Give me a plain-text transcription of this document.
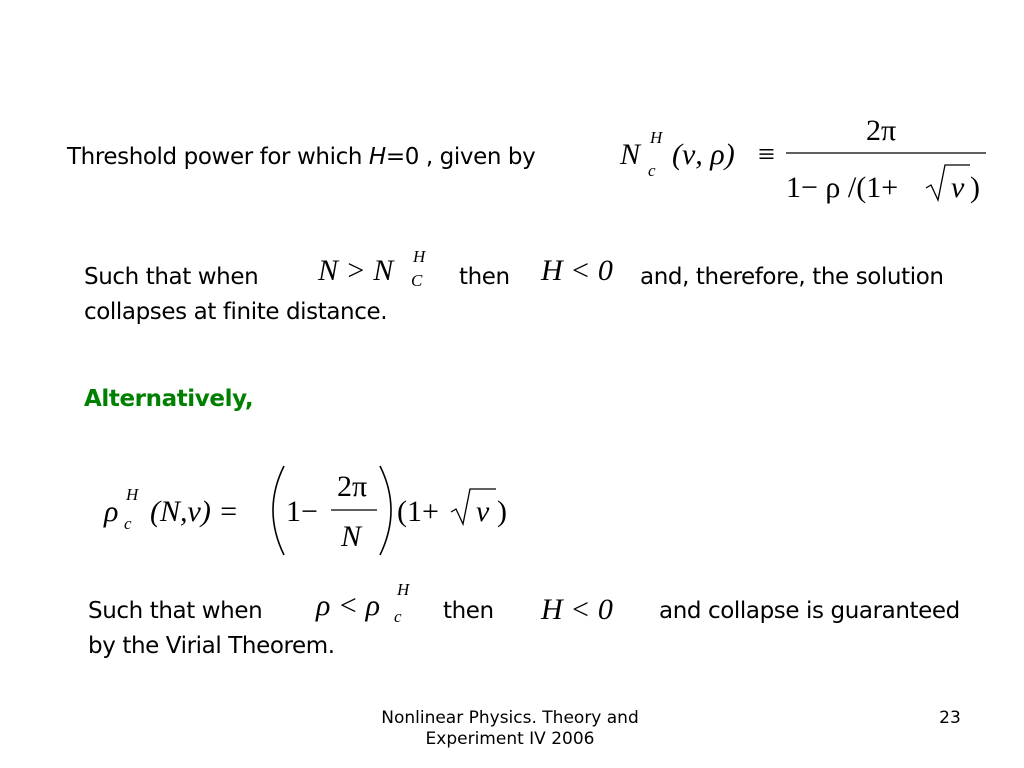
Threshold power for which H=0 , given by	N
H
c (ν, ρ) ≡
2π
1− ρ /(1+ ν )
Such that when N > N H
C then H < 0 and, therefore, the solution
collapses at finite distance.
Alternatively,
ρ
H
c (N,ν) = 1−
2π
N
(1+ ν )
Such that when ρ < ρ H
c then H < 0 and collapse is guaranteed
by the Virial Theorem.
Nonlinear Physics. Theory and
Experiment IV 2006
23
